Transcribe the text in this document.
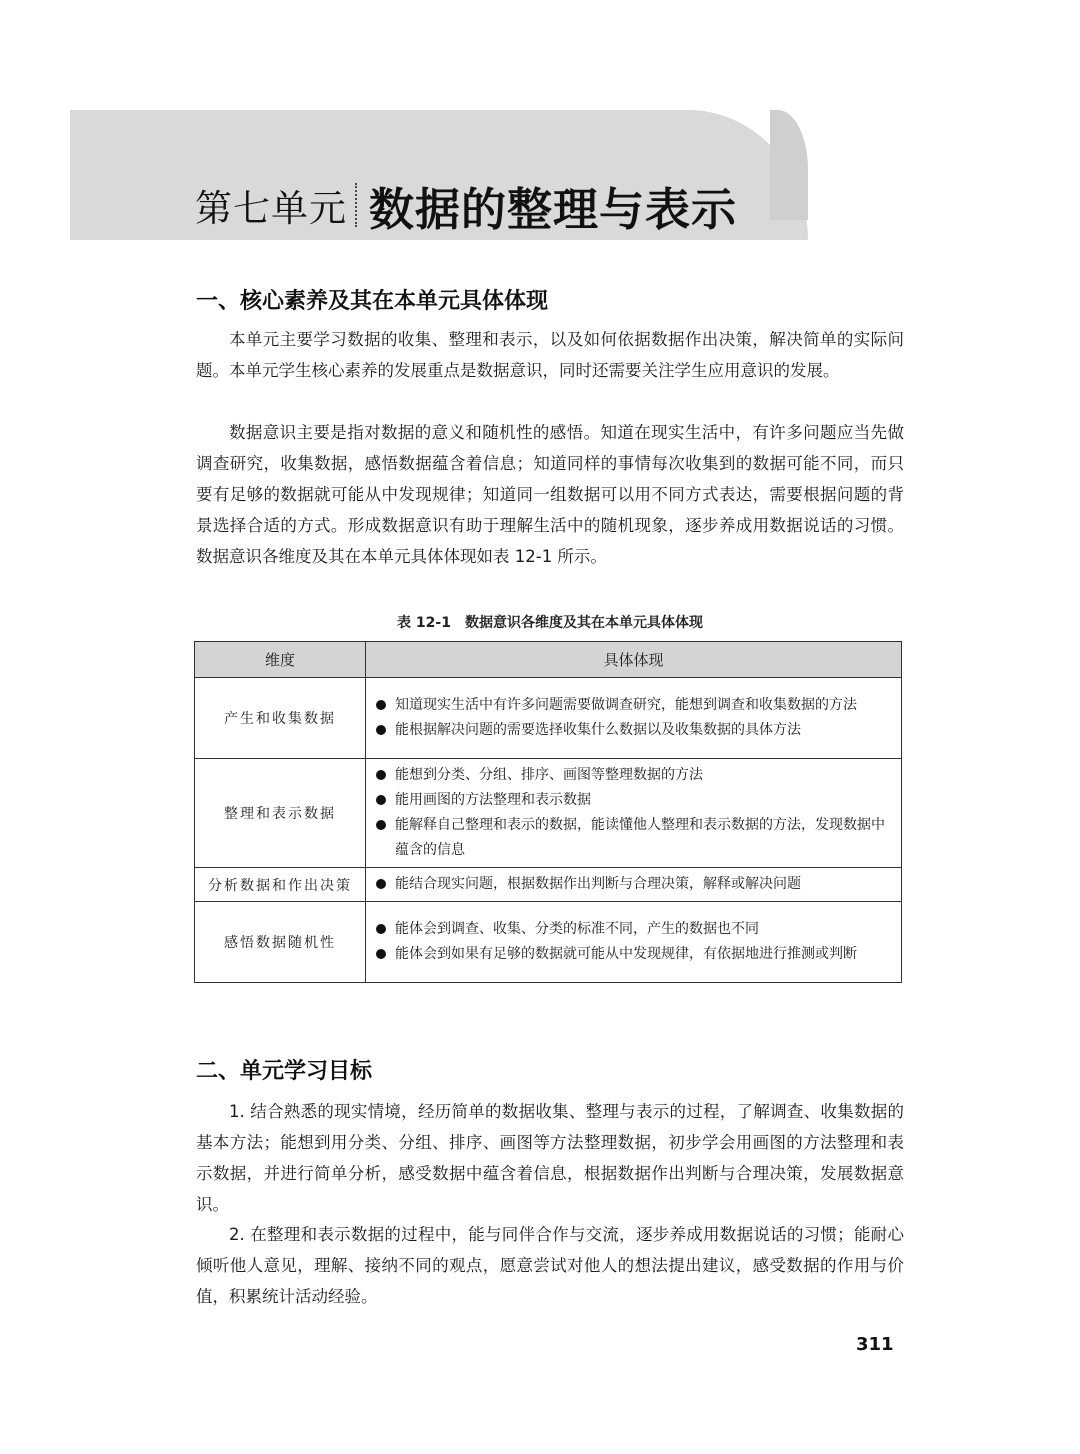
第七单元 数据的整理与表示
一、核心素养及其在本单元具体体现

本单元主要学习数据的收集、整理和表示，以及如何依据数据作出决策，解决简单的实际问题。本单元学生核心素养的发展重点是数据意识，同时还需要关注学生应用意识的发展。

数据意识主要是指对数据的意义和随机性的感悟。知道在现实生活中，有许多问题应当先做调查研究，收集数据，感悟数据蕴含着信息；知道同样的事情每次收集到的数据可能不同，而只要有足够的数据就可能从中发现规律；知道同一组数据可以用不同方式表达，需要根据问题的背景选择合适的方式。形成数据意识有助于理解生活中的随机现象，逐步养成用数据说话的习惯。数据意识各维度及其在本单元具体体现如表 12-1 所示。

表 12-1　数据意识各维度及其在本单元具体体现
维度	具体体现
产生和收集数据	知道现实生活中有许多问题需要做调查研究，能想到调查和收集数据的方法
能根据解决问题的需要选择收集什么数据以及收集数据的具体方法

整理和表示数据	能想到分类、分组、排序、画图等整理数据的方法
能用画图的方法整理和表示数据
能解释自己整理和表示的数据，能读懂他人整理和表示数据的方法，发现数据中蕴含的信息

分析数据和作出决策	能结合现实问题，根据数据作出判断与合理决策，解释或解决问题

感悟数据随机性	能体会到调查、收集、分类的标准不同，产生的数据也不同
能体会到如果有足够的数据就可能从中发现规律，有依据地进行推测或判断
二、单元学习目标

1. 结合熟悉的现实情境，经历简单的数据收集、整理与表示的过程，了解调查、收集数据的基本方法；能想到用分类、分组、排序、画图等方法整理数据，初步学会用画图的方法整理和表示数据，并进行简单分析，感受数据中蕴含着信息，根据数据作出判断与合理决策，发展数据意识。

2. 在整理和表示数据的过程中，能与同伴合作与交流，逐步养成用数据说话的习惯；能耐心倾听他人意见，理解、接纳不同的观点，愿意尝试对他人的想法提出建议，感受数据的作用与价值，积累统计活动经验。

311
